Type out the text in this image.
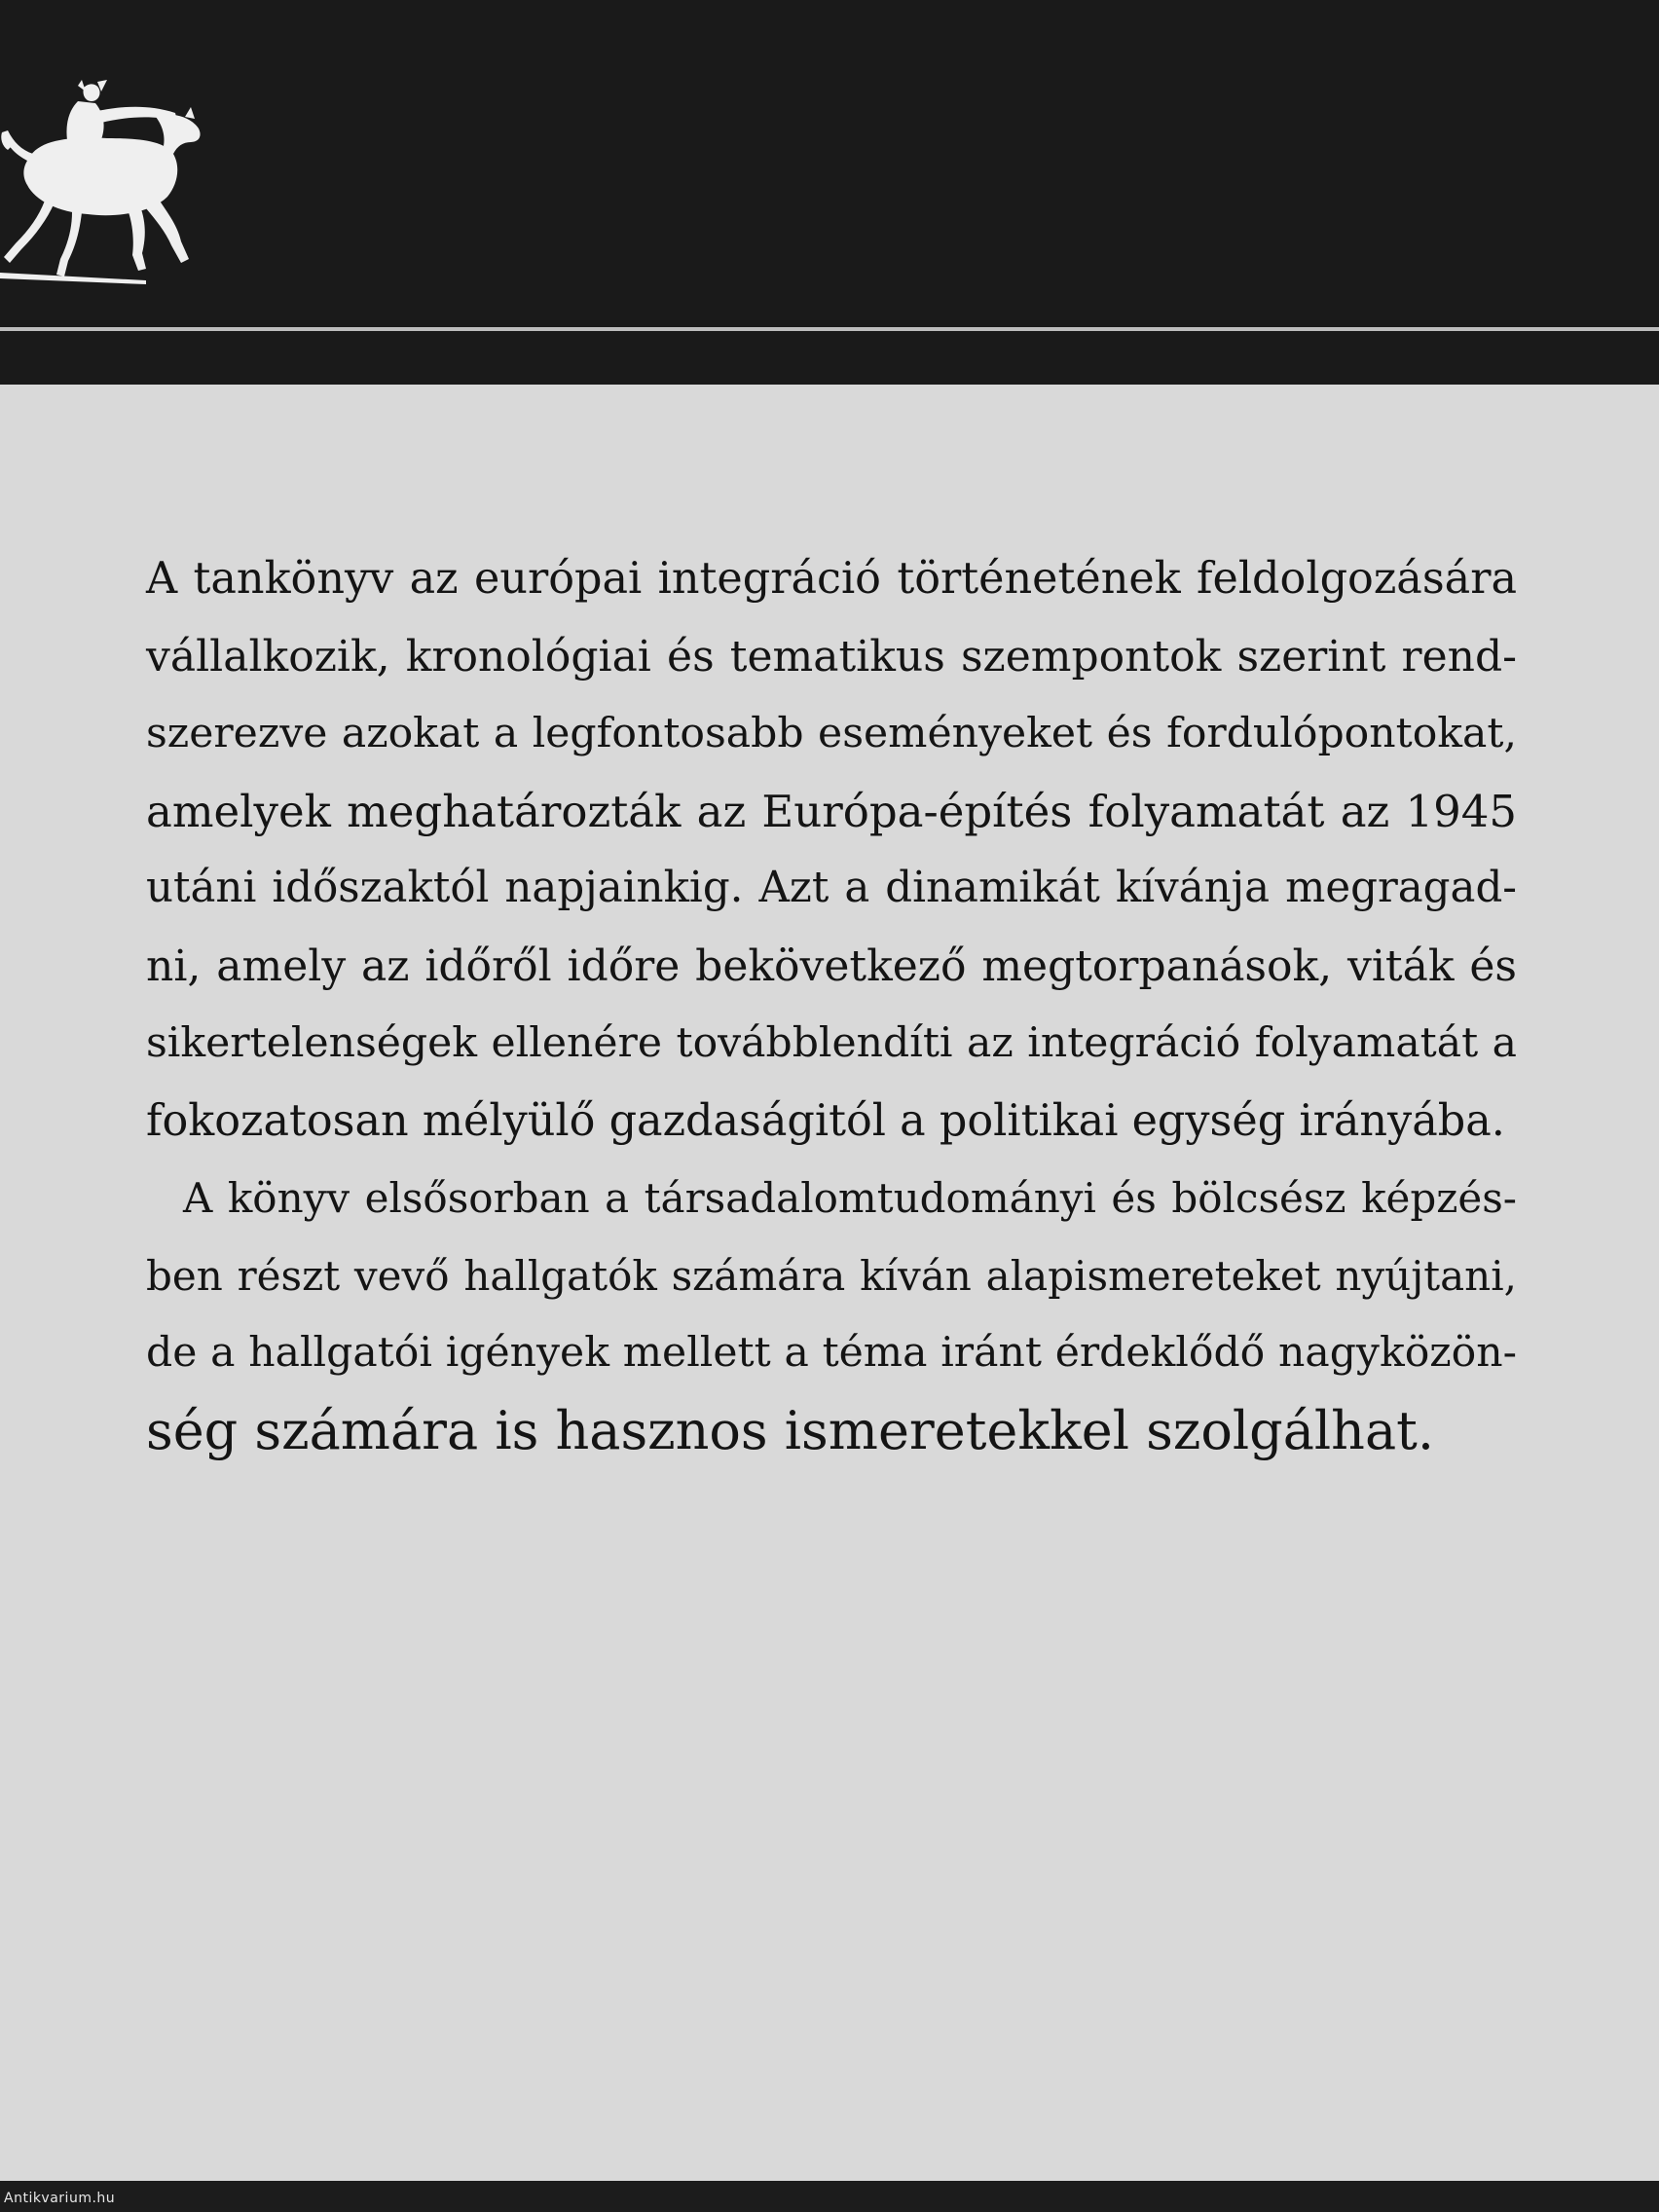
A tankönyv az európai integráció történetének feldolgozására
vállalkozik, kronológiai és tematikus szempontok szerint rend-
szerezve azokat a legfontosabb eseményeket és fordulópontokat,
amelyek meghatározták az Európa-építés folyamatát az 1945
utáni időszaktól napjainkig. Azt a dinamikát kívánja megragad-
ni, amely az időről időre bekövetkező megtorpanások, viták és
sikertelenségek ellenére továbblendíti az integráció folyamatát a
fokozatosan mélyülő gazdaságitól a politikai egység irányába.

A könyv elsősorban a társadalomtudományi és bölcsész képzés-
ben részt vevő hallgatók számára kíván alapismereteket nyújtani,
de a hallgatói igények mellett a téma iránt érdeklődő nagyközön-
ség számára is hasznos ismeretekkel szolgálhat.

Antikvarium.hu
